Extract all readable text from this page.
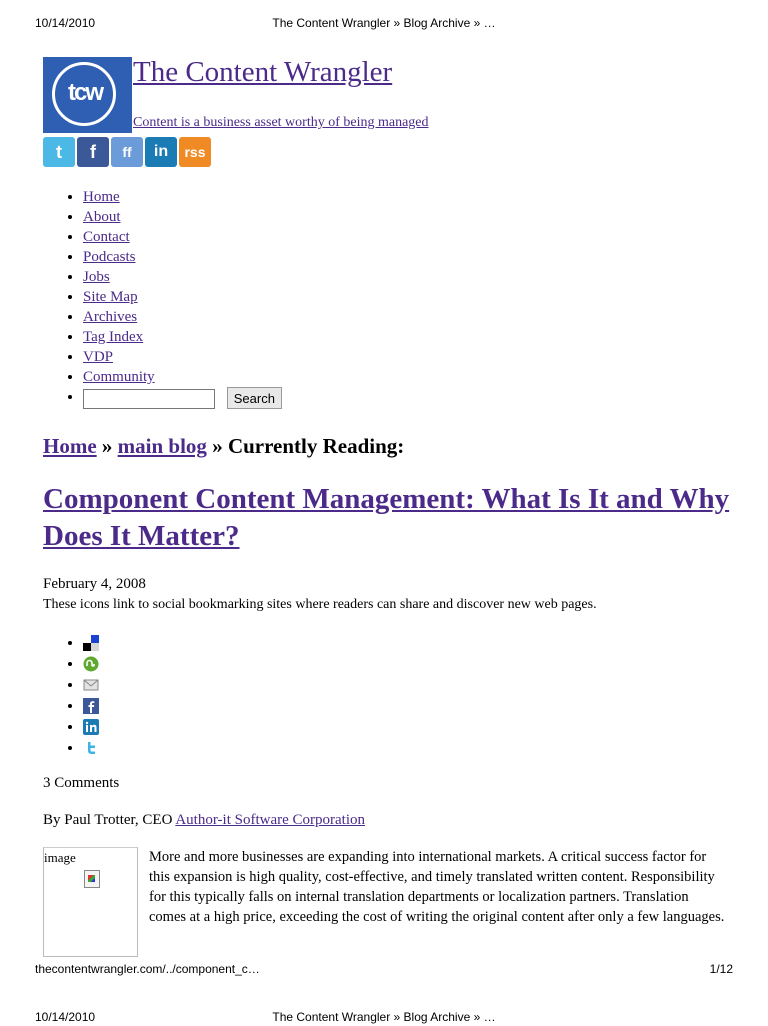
10/14/2010	The Content Wrangler » Blog Archive » …
tcw
The Content Wrangler
Content is a business asset worthy of being managed
t	f	ff	in	rss
• Home
• About
• Contact
• Podcasts
• Jobs
• Site Map
• Archives
• Tag Index
• VDP
• Community
• Search
Home » main blog » Currently Reading:
Component Content Management: What Is It and Why Does It Matter?
February 4, 2008
These icons link to social bookmarking sites where readers can share and discover new web pages.
•
•
•
•
•
•
3 Comments
By Paul Trotter, CEO Author-it Software Corporation
image	More and more businesses are expanding into international markets. A critical success factor for this expansion is high quality, cost-effective, and timely translated written content. Responsibility for this typically falls on internal translation departments or localization partners. Translation comes at a high price, exceeding the cost of writing the original content after only a few languages.
thecontentwrangler.com/../component_c…	1/12
10/14/2010	The Content Wrangler » Blog Archive » …
